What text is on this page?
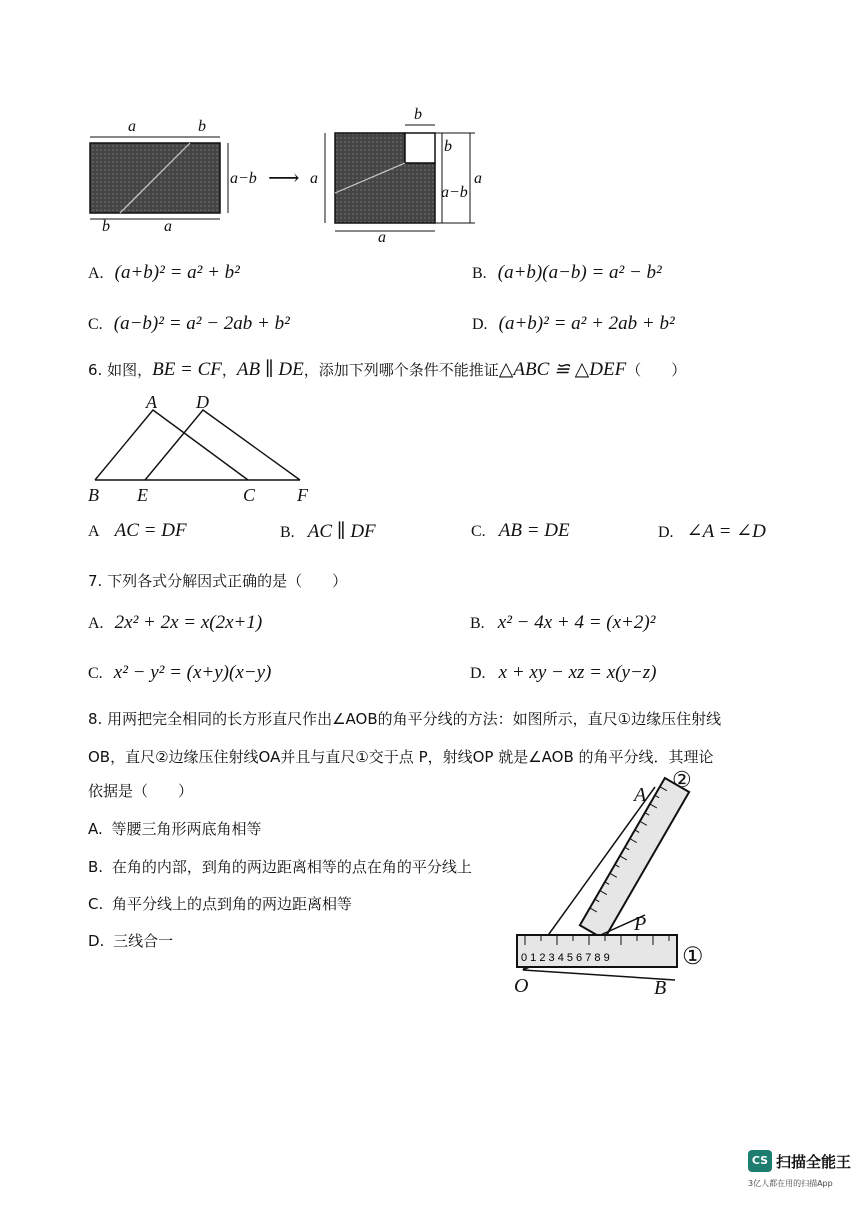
a	b
a−b
b	a
⟶ a
b
b
a−b
a
a
A. (a+b)² = a² + b²	B. (a+b)(a−b) = a² − b²
C. (a−b)² = a² − 2ab + b²	D. (a+b)² = a² + 2ab + b²
6. 如图，BE = CF，AB ∥ DE，添加下列哪个条件不能推证△ABC ≌ △DEF（　　）
A D
B E	C F
A AC = DF	B. AC ∥ DF	C. AB = DE	D. ∠A = ∠D
7. 下列各式分解因式正确的是（　　）
A. 2x² + 2x = x(2x+1)	B. x² − 4x + 4 = (x+2)²
C. x² − y² = (x+y)(x−y)	D. x + xy − xz = x(y−z)
8. 用两把完全相同的长方形直尺作出∠AOB的角平分线的方法：如图所示，直尺①边缘压住射线
OB，直尺②边缘压住射线OA并且与直尺①交于点 P，射线OP 就是∠AOB 的角平分线．其理论
依据是（　　）
A. 等腰三角形两底角相等
B. 在角的内部，到角的两边距离相等的点在角的平分线上
C. 角平分线上的点到角的两边距离相等
D. 三线合一
0 1 2 3 4 5 6 7 8 9
A
P
O	B
①
②
CS 扫描全能王
3亿人都在用的扫描App
